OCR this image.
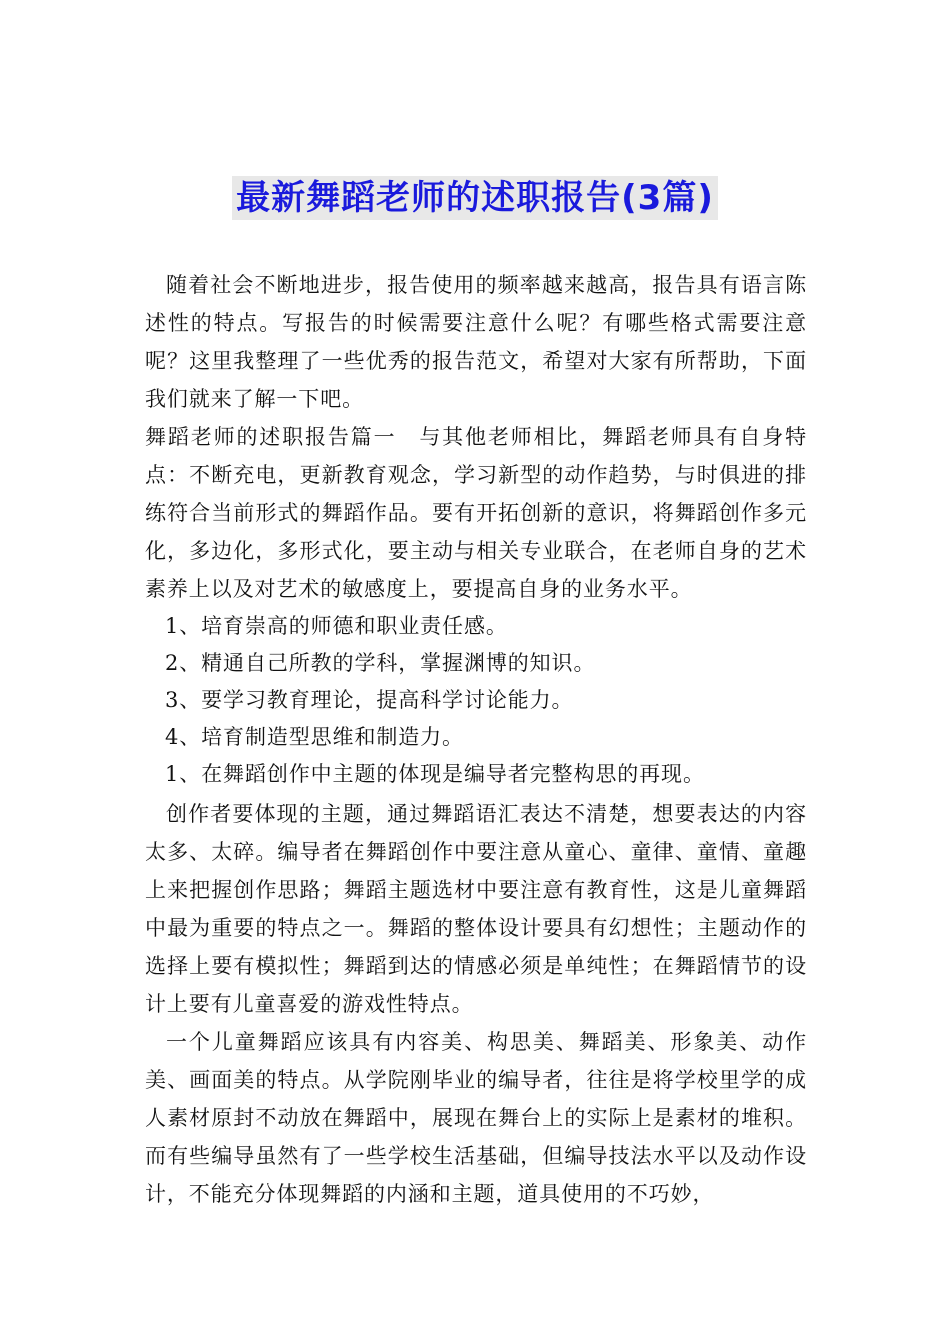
最新舞蹈老师的述职报告(3篇)

随着社会不断地进步，报告使用的频率越来越高，报告具有语言陈述性的特点。写报告的时候需要注意什么呢？有哪些格式需要注意呢？这里我整理了一些优秀的报告范文，希望对大家有所帮助，下面我们就来了解一下吧。

舞蹈老师的述职报告篇一　与其他老师相比，舞蹈老师具有自身特点：不断充电，更新教育观念，学习新型的动作趋势，与时俱进的排练符合当前形式的舞蹈作品。要有开拓创新的意识，将舞蹈创作多元化，多边化，多形式化，要主动与相关专业联合，在老师自身的艺术素养上以及对艺术的敏感度上，要提高自身的业务水平。

1、培育崇高的师德和职业责任感。
2、精通自己所教的学科，掌握渊博的知识。
3、要学习教育理论，提高科学讨论能力。
4、培育制造型思维和制造力。
1、在舞蹈创作中主题的体现是编导者完整构思的再现。

创作者要体现的主题，通过舞蹈语汇表达不清楚，想要表达的内容太多、太碎。编导者在舞蹈创作中要注意从童心、童律、童情、童趣上来把握创作思路；舞蹈主题选材中要注意有教育性，这是儿童舞蹈中最为重要的特点之一。舞蹈的整体设计要具有幻想性；主题动作的选择上要有模拟性；舞蹈到达的情感必须是单纯性；在舞蹈情节的设计上要有儿童喜爱的游戏性特点。

一个儿童舞蹈应该具有内容美、构思美、舞蹈美、形象美、动作美、画面美的特点。从学院刚毕业的编导者，往往是将学校里学的成人素材原封不动放在舞蹈中，展现在舞台上的实际上是素材的堆积。而有些编导虽然有了一些学校生活基础，但编导技法水平以及动作设计，不能充分体现舞蹈的内涵和主题，道具使用的不巧妙，
